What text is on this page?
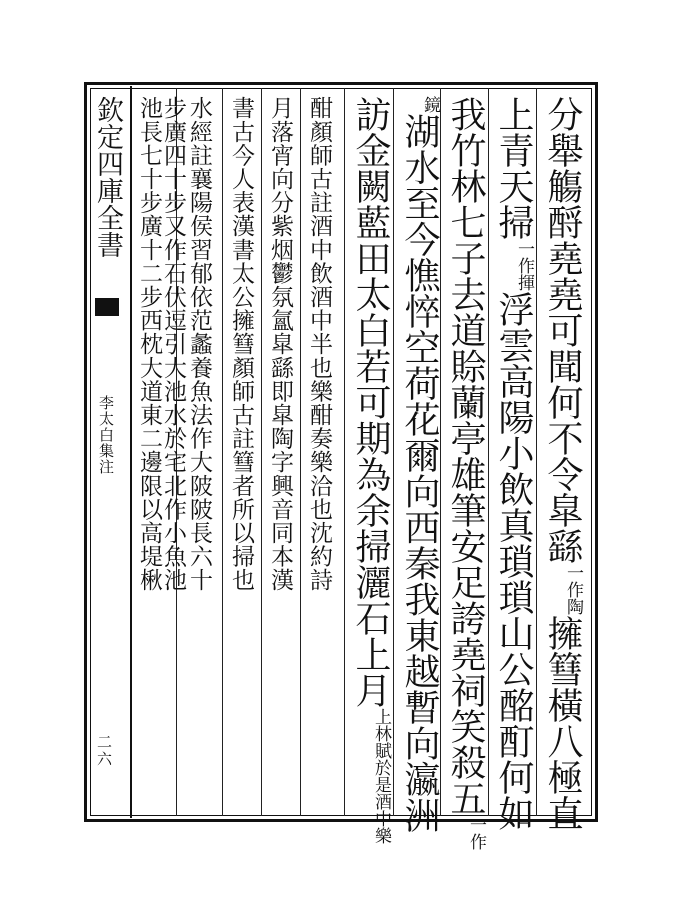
欽定四庫全書
李太白集注
二六
分舉觴酹堯堯可聞何不令皐繇一作陶擁篲橫八極直
上青天掃一作揮浮雲高陽小飲真瑣瑣山公酩酊何如
我竹林七子去道賒蘭亭雄筆安足誇堯祠笑殺五一作
鏡湖水至今憔悴空荷花爾向西秦我東越暫向瀛洲
訪金闕藍田太白若可期為余掃灑石上月上林賦於是酒中樂
酣顏師古註酒中飲酒中半也樂酣奏樂洽也沈約詩
月落宵向分紫烟鬱氛氳皐繇即皐陶字興音同本漢
書古今人表漢書太公擁篲顏師古註篲者所以掃也
水經註襄陽侯習郁依范蠡養魚法作大陂陂長六十
步廣四十步又作石伏逗引大池水於宅北作小魚池
池長七十步廣十二步西枕大道東二邊限以高堤楸
